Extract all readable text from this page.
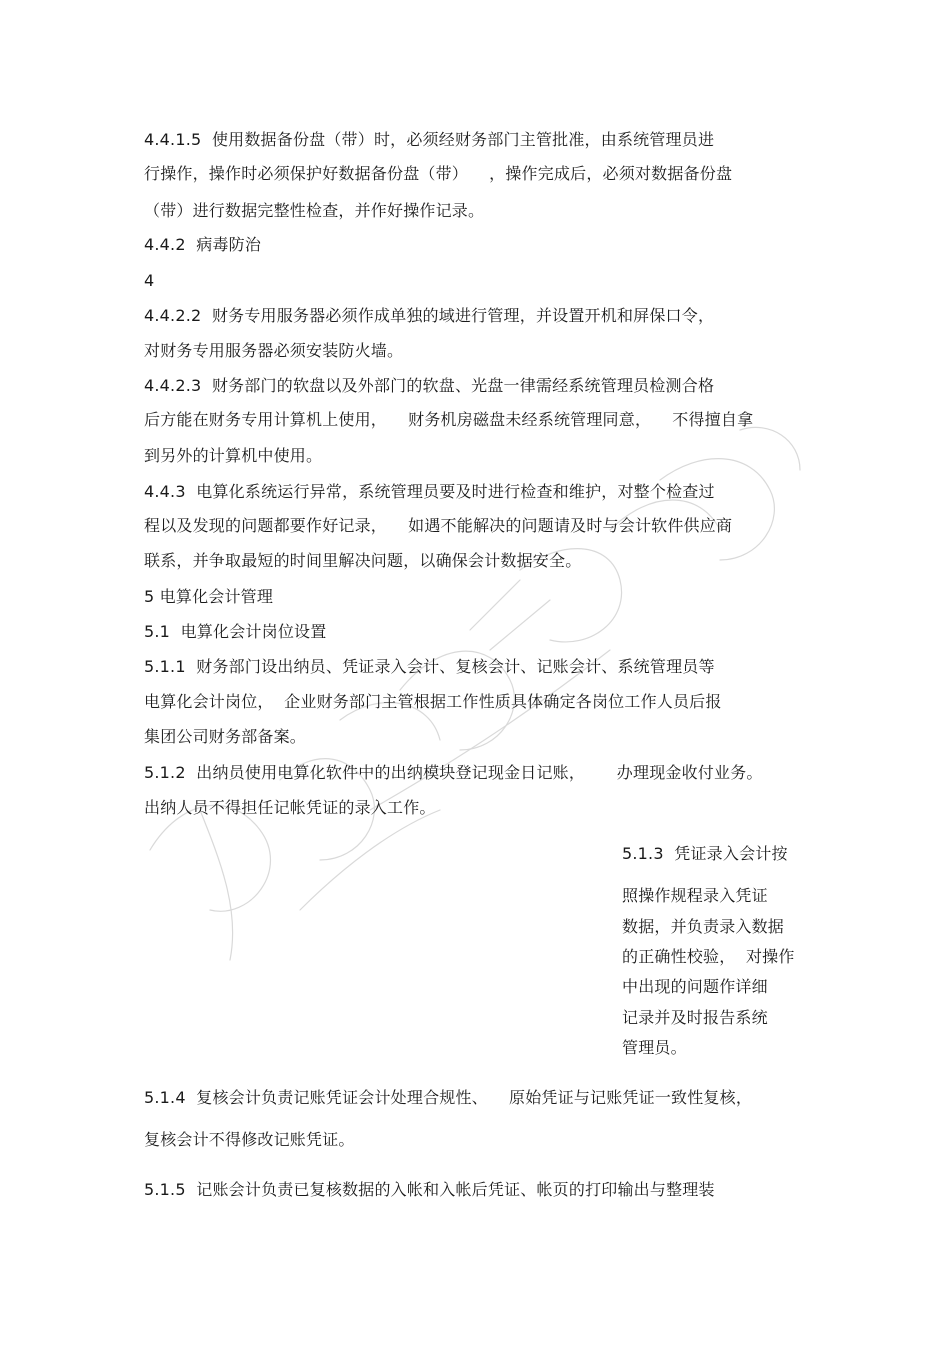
4.4.1.5  使用数据备份盘（带）时，必须经财务部门主管批准，由系统管理员进
行操作，操作时必须保护好数据备份盘（带）    ，操作完成后，必须对数据备份盘
（带）进行数据完整性检查，并作好操作记录。
4.4.2  病毒防治
4
4.4.2.2  财务专用服务器必须作成单独的域进行管理，并设置开机和屏保口令，
对财务专用服务器必须安装防火墙。
4.4.2.3  财务部门的软盘以及外部门的软盘、光盘一律需经系统管理员检测合格
后方能在财务专用计算机上使用，    财务机房磁盘未经系统管理同意，    不得擅自拿
到另外的计算机中使用。
4.4.3  电算化系统运行异常，系统管理员要及时进行检查和维护，对整个检查过
程以及发现的问题都要作好记录，    如遇不能解决的问题请及时与会计软件供应商
联系，并争取最短的时间里解决问题，以确保会计数据安全。
5 电算化会计管理
5.1  电算化会计岗位设置
5.1.1  财务部门设出纳员、凭证录入会计、复核会计、记账会计、系统管理员等
电算化会计岗位，  企业财务部门主管根据工作性质具体确定各岗位工作人员后报
集团公司财务部备案。
5.1.2  出纳员使用电算化软件中的出纳模块登记现金日记账，      办理现金收付业务。
出纳人员不得担任记帐凭证的录入工作。
5.1.3  凭证录入会计按
照操作规程录入凭证
数据，并负责录入数据
的正确性校验，  对操作
中出现的问题作详细
记录并及时报告系统
管理员。
5.1.4  复核会计负责记账凭证会计处理合规性、    原始凭证与记账凭证一致性复核，
复核会计不得修改记账凭证。
5.1.5  记账会计负责已复核数据的入帐和入帐后凭证、帐页的打印输出与整理装
